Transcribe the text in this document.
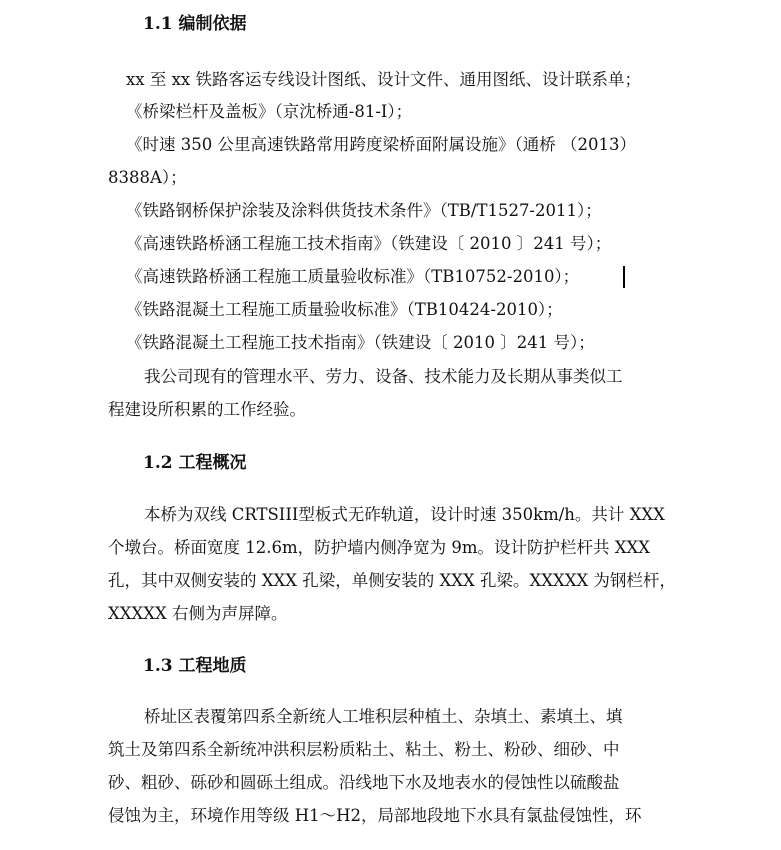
1.1 编制依据
xx 至 xx 铁路客运专线设计图纸、设计文件、通用图纸、设计联系单；
《桥梁栏杆及盖板》（京沈桥通-81-Ⅰ）；
《时速 350 公里高速铁路常用跨度梁桥面附属设施》（通桥 （2013）
8388A）；
《铁路钢桥保护涂装及涂料供货技术条件》（TB/T1527-2011）；
《高速铁路桥涵工程施工技术指南》（铁建设〔 2010 〕241 号）；
《高速铁路桥涵工程施工质量验收标准》（TB10752-2010）；
《铁路混凝土工程施工质量验收标准》（TB10424-2010）；
《铁路混凝土工程施工技术指南》（铁建设〔 2010 〕241 号）；
我公司现有的管理水平、劳力、设备、技术能力及长期从事类似工
程建设所积累的工作经验。
1.2 工程概况
本桥为双线 CRTSIII型板式无砟轨道，设计时速 350km/h。共计 XXX
个墩台。桥面宽度 12.6m，防护墙内侧净宽为 9m。设计防护栏杆共 XXX
孔，其中双侧安装的 XXX 孔梁，单侧安装的 XXX 孔梁。XXXXX 为钢栏杆，
XXXXX 右侧为声屏障。
1.3 工程地质
桥址区表覆第四系全新统人工堆积层种植土、杂填土、素填土、填
筑土及第四系全新统冲洪积层粉质粘土、粘土、粉土、粉砂、细砂、中
砂、粗砂、砾砂和圆砾土组成。沿线地下水及地表水的侵蚀性以硫酸盐
侵蚀为主，环境作用等级 H1～H2，局部地段地下水具有氯盐侵蚀性，环
